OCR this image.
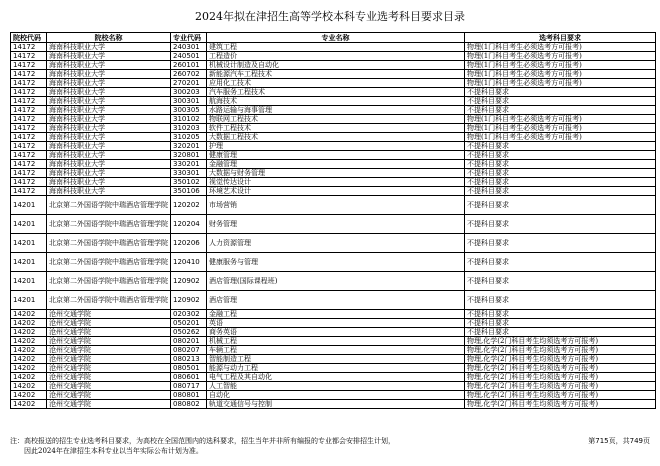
2024年拟在津招生高等学校本科专业选考科目要求目录
院校代码	院校名称	专业代码	专业名称	选考科目要求
14172	海南科技职业大学	240301	建筑工程	物理(1门科目考生必须选考方可报考)
14172	海南科技职业大学	240501	工程造价	物理(1门科目考生必须选考方可报考)
14172	海南科技职业大学	260101	机械设计制造及自动化	物理(1门科目考生必须选考方可报考)
14172	海南科技职业大学	260702	新能源汽车工程技术	物理(1门科目考生必须选考方可报考)
14172	海南科技职业大学	270201	应用化工技术	物理(1门科目考生必须选考方可报考)
14172	海南科技职业大学	300203	汽车服务工程技术	不提科目要求
14172	海南科技职业大学	300301	航海技术	不提科目要求
14172	海南科技职业大学	300305	水路运输与海事管理	不提科目要求
14172	海南科技职业大学	310102	物联网工程技术	物理(1门科目考生必须选考方可报考)
14172	海南科技职业大学	310203	软件工程技术	物理(1门科目考生必须选考方可报考)
14172	海南科技职业大学	310205	大数据工程技术	物理(1门科目考生必须选考方可报考)
14172	海南科技职业大学	320201	护理	不提科目要求
14172	海南科技职业大学	320801	健康管理	不提科目要求
14172	海南科技职业大学	330201	金融管理	不提科目要求
14172	海南科技职业大学	330301	大数据与财务管理	不提科目要求
14172	海南科技职业大学	350102	视觉传达设计	不提科目要求
14172	海南科技职业大学	350106	环境艺术设计	不提科目要求
14201	北京第二外国语学院中瑞酒店管理学院	120202	市场营销	不提科目要求
14201	北京第二外国语学院中瑞酒店管理学院	120204	财务管理	不提科目要求
14201	北京第二外国语学院中瑞酒店管理学院	120206	人力资源管理	不提科目要求
14201	北京第二外国语学院中瑞酒店管理学院	120410	健康服务与管理	不提科目要求
14201	北京第二外国语学院中瑞酒店管理学院	120902	酒店管理(国际课程班)	不提科目要求
14201	北京第二外国语学院中瑞酒店管理学院	120902	酒店管理	不提科目要求
14202	沧州交通学院	020302	金融工程	不提科目要求
14202	沧州交通学院	050201	英语	不提科目要求
14202	沧州交通学院	050262	商务英语	不提科目要求
14202	沧州交通学院	080201	机械工程	物理,化学(2门科目考生均须选考方可报考)
14202	沧州交通学院	080207	车辆工程	物理,化学(2门科目考生均须选考方可报考)
14202	沧州交通学院	080213	智能制造工程	物理,化学(2门科目考生均须选考方可报考)
14202	沧州交通学院	080501	能源与动力工程	物理,化学(2门科目考生均须选考方可报考)
14202	沧州交通学院	080601	电气工程及其自动化	物理,化学(2门科目考生均须选考方可报考)
14202	沧州交通学院	080717	人工智能	物理,化学(2门科目考生均须选考方可报考)
14202	沧州交通学院	080801	自动化	物理,化学(2门科目考生均须选考方可报考)
14202	沧州交通学院	080802	轨道交通信号与控制	物理,化学(2门科目考生均须选考方可报考)
注：高校报送的招生专业选考科目要求，为高校在全国范围内的选科要求，招生当年并非所有编报的专业都会安排招生计划，
因此2024年在津招生本科专业以当年实际公布计划为准。
第715页，共749页
